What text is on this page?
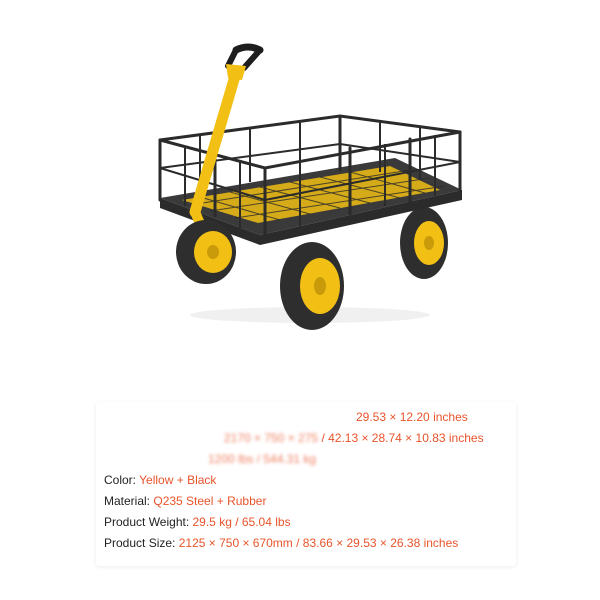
29.53 × 12.20 inches
2170 × 750 × 275 / 42.13 × 28.74 × 10.83 inches
1200 lbs / 544.31 kg
Color: Yellow + Black
Material: Q235 Steel + Rubber
Product Weight: 29.5 kg / 65.04 lbs
Product Size: 2125 × 750 × 670mm / 83.66 × 29.53 × 26.38 inches
